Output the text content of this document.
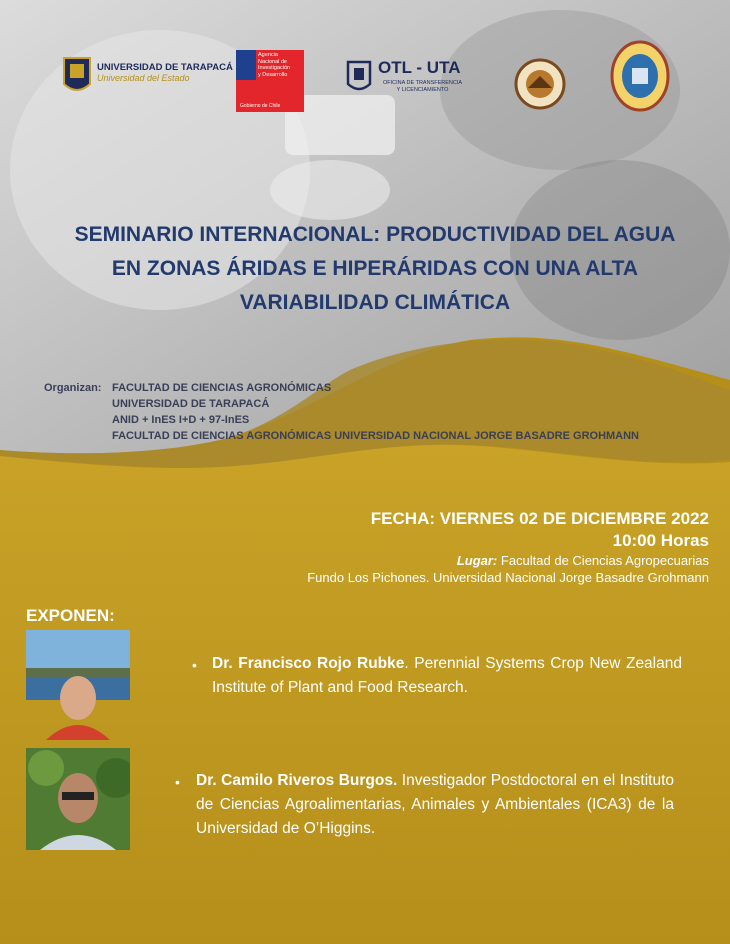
UNIVERSIDAD DE TARAPACÁ
Universidad del Estado
Agencia
Nacional de
Investigación
y Desarrollo
Gobierno de Chile
OTL - UTA
OFICINA DE TRANSFERENCIA
Y LICENCIAMIENTO
SEMINARIO INTERNACIONAL: PRODUCTIVIDAD DEL AGUA
EN ZONAS ÁRIDAS E HIPERÁRIDAS CON UNA ALTA
VARIABILIDAD CLIMÁTICA
Organizan: FACULTAD DE CIENCIAS AGRONÓMICAS
UNIVERSIDAD DE TARAPACÁ
ANID + InES I+D + 97-InES
FACULTAD DE CIENCIAS AGRONÓMICAS UNIVERSIDAD NACIONAL JORGE BASADRE GROHMANN
FECHA: VIERNES 02 DE DICIEMBRE 2022
10:00 Horas
Lugar: Facultad de Ciencias Agropecuarias
Fundo Los Pichones. Universidad Nacional Jorge Basadre Grohmann
EXPONEN:
• Dr. Francisco Rojo Rubke. Perennial Systems Crop New Zealand Institute of Plant and Food Research.
• Dr. Camilo Riveros Burgos. Investigador Postdoctoral en el Instituto de Ciencias Agroalimentarias, Animales y Ambientales (ICA3) de la Universidad de O’Higgins.
